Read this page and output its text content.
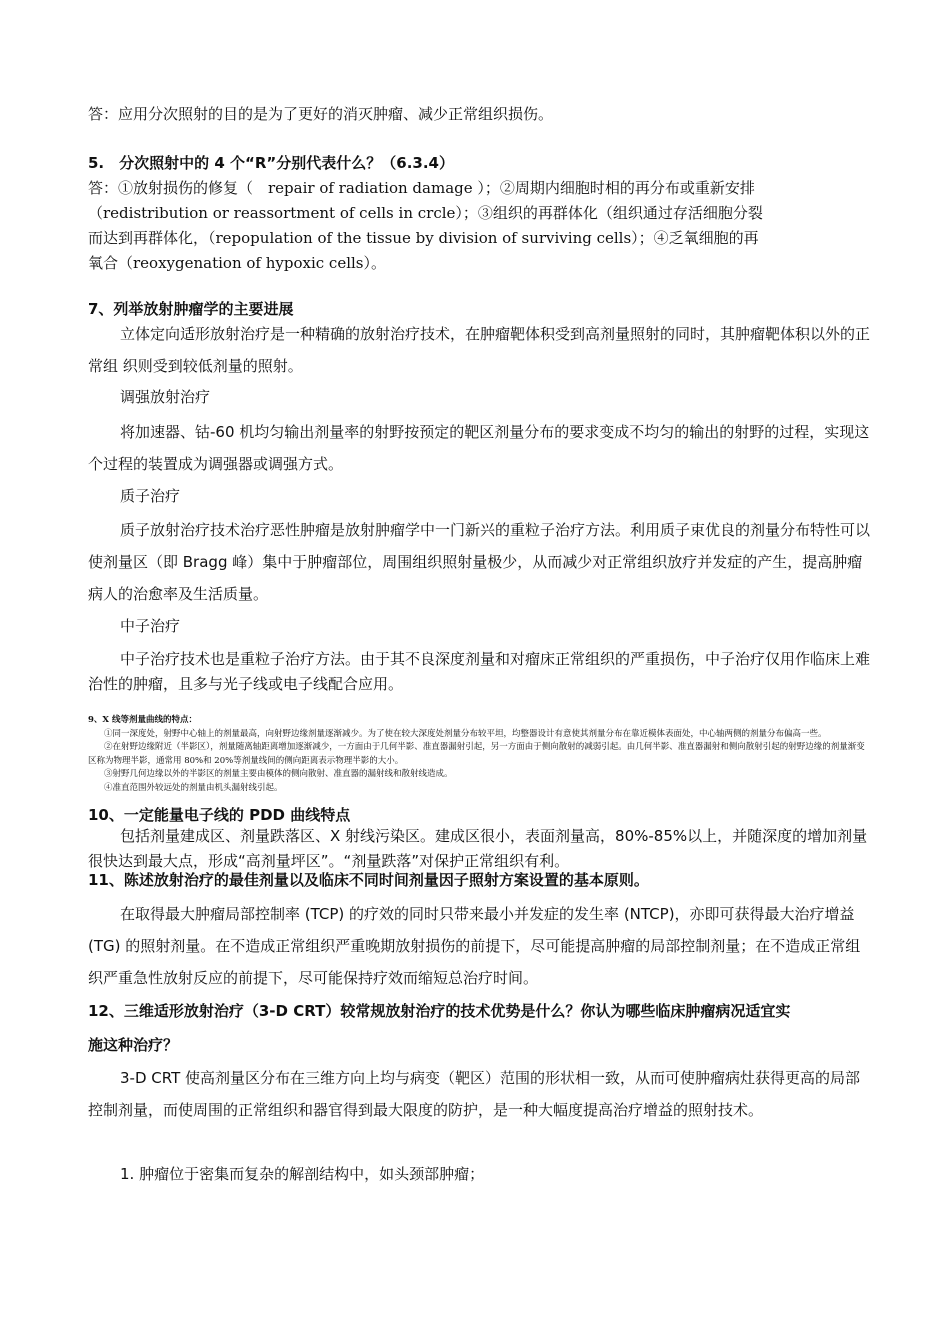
答：应用分次照射的目的是为了更好的消灭肿瘤、减少正常组织损伤。

5.　分次照射中的 4 个“R”分别代表什么？（6.3.4）

答：①放射损伤的修复（　repair of radiation damage ）；②周期内细胞时相的再分布或重新安排
（redistribution or reassortment of cells in crcle）；③组织的再群体化（组织通过存活细胞分裂
而达到再群体化，（repopulation of the tissue by division of surviving cells）；④乏氧细胞的再
氧合（reoxygenation of hypoxic cells）。

7、列举放射肿瘤学的主要进展

立体定向适形放射治疗是一种精确的放射治疗技术，在肿瘤靶体积受到高剂量照射的同时，其肿瘤靶体积以外的正常组 织则受到较低剂量的照射。

调强放射治疗

将加速器、钴-60 机均匀输出剂量率的射野按预定的靶区剂量分布的要求变成不均匀的输出的射野的过程，实现这个过程的装置成为调强器或调强方式。

质子治疗

质子放射治疗技术治疗恶性肿瘤是放射肿瘤学中一门新兴的重粒子治疗方法。利用质子束优良的剂量分布特性可以使剂量区（即 Bragg 峰）集中于肿瘤部位，周围组织照射量极少，从而减少对正常组织放疗并发症的产生，提高肿瘤病人的治愈率及生活质量。

中子治疗

中子治疗技术也是重粒子治疗方法。由于其不良深度剂量和对瘤床正常组织的严重损伤，中子治疗仅用作临床上难治性的肿瘤，且多与光子线或电子线配合应用。

9、X 线等剂量曲线的特点：
①同一深度处，射野中心轴上的剂量最高，向射野边缘剂量逐渐减少。为了使在较大深度处剂量分布较平坦，均整器设计有意使其剂量分布在靠近模体表面处，中心轴两侧的剂量分布偏高一些。
②在射野边缘附近（半影区），剂量随离轴距离增加逐渐减少，一方面由于几何半影、准直器漏射引起，另一方面由于侧向散射的减弱引起。由几何半影、准直器漏射和侧向散射引起的射野边缘的剂量渐变区称为物理半影，通常用 80%和 20%等剂量线间的侧向距离表示物理半影的大小。
③射野几何边缘以外的半影区的剂量主要由模体的侧向散射、准直器的漏射线和散射线造成。
④准直范围外较远处的剂量由机头漏射线引起。

10、一定能量电子线的 PDD 曲线特点

包括剂量建成区、剂量跌落区、X 射线污染区。建成区很小，表面剂量高，80%-85%以上，并随深度的增加剂量很快达到最大点，形成“高剂量坪区”。“剂量跌落”对保护正常组织有利。

11、陈述放射治疗的最佳剂量以及临床不同时间剂量因子照射方案设置的基本原则。

在取得最大肿瘤局部控制率 (TCP) 的疗效的同时只带来最小并发症的发生率 (NTCP)，亦即可获得最大治疗增益 (TG) 的照射剂量。在不造成正常组织严重晚期放射损伤的前提下，尽可能提高肿瘤的局部控制剂量；在不造成正常组织严重急性放射反应的前提下，尽可能保持疗效而缩短总治疗时间。

12、三维适形放射治疗（3-D CRT）较常规放射治疗的技术优势是什么？你认为哪些临床肿瘤病况适宜实

施这种治疗？

3-D CRT 使高剂量区分布在三维方向上均与病变（靶区）范围的形状相一致，从而可使肿瘤病灶获得更高的局部控制剂量，而使周围的正常组织和器官得到最大限度的防护，是一种大幅度提高治疗增益的照射技术。

1. 肿瘤位于密集而复杂的解剖结构中，如头颈部肿瘤；
